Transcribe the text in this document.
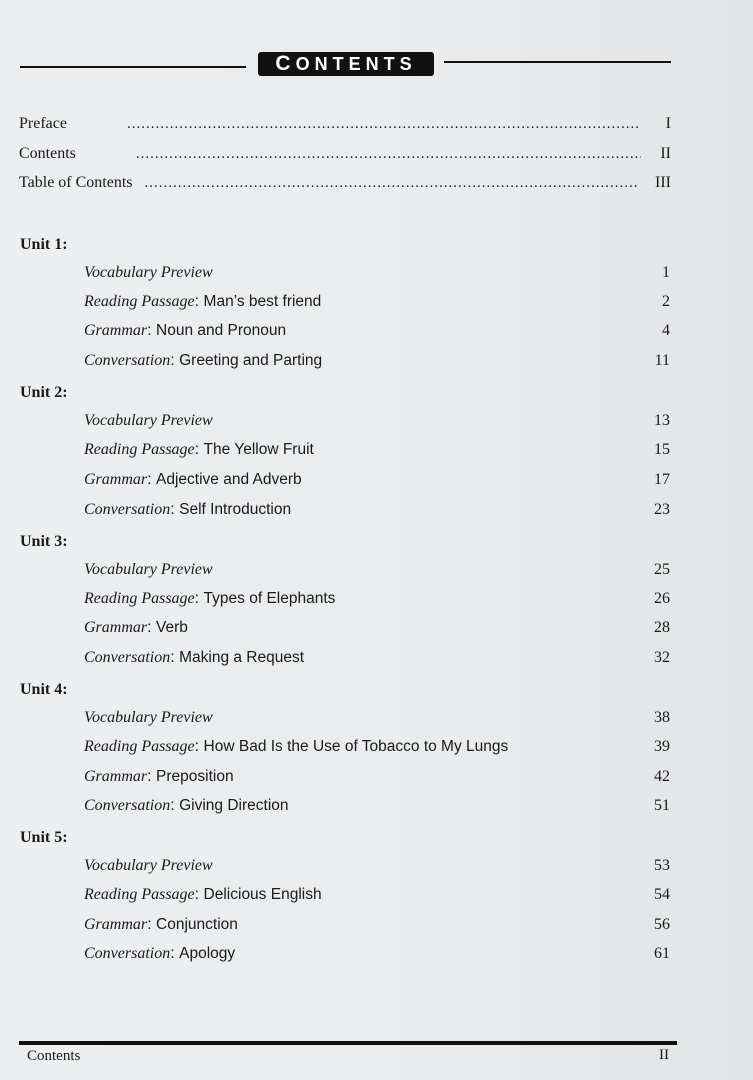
CONTENTS
Preface .....	I
Contents .....	II
Table of Contents .....	III
Unit 1:
Vocabulary Preview	1
Reading Passage: Man’s best friend	2
Grammar: Noun and Pronoun	4
Conversation: Greeting and Parting	11
Unit 2:
Vocabulary Preview	13
Reading Passage: The Yellow Fruit	15
Grammar: Adjective and Adverb	17
Conversation: Self Introduction	23
Unit 3:
Vocabulary Preview	25
Reading Passage: Types of Elephants	26
Grammar: Verb	28
Conversation: Making a Request	32
Unit 4:
Vocabulary Preview	38
Reading Passage: How Bad Is the Use of Tobacco to My Lungs	39
Grammar: Preposition	42
Conversation: Giving Direction	51
Unit 5:
Vocabulary Preview	53
Reading Passage: Delicious English	54
Grammar: Conjunction	56
Conversation: Apology	61
Contents	II
